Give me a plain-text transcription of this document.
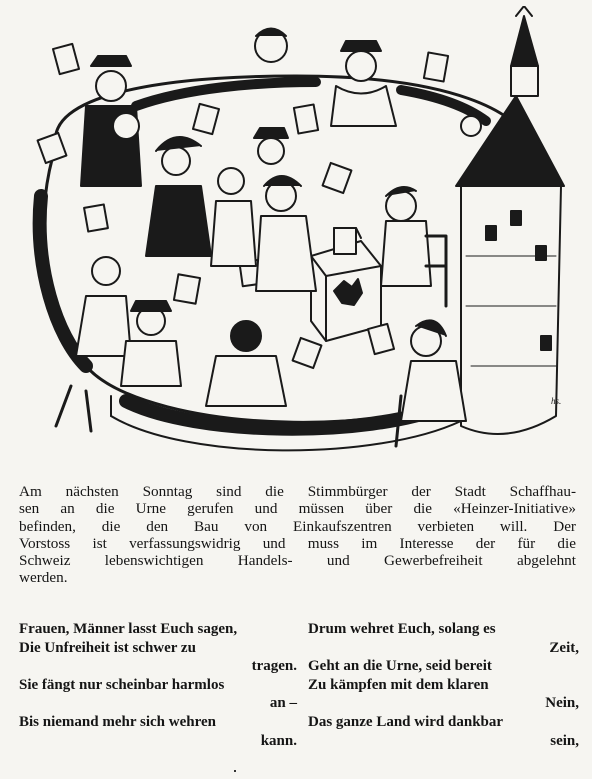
hs.
Am nächsten Sonntag sind die Stimmbürger der Stadt Schaffhau-
sen an die Urne gerufen und müssen über die «Heinzer-Initiative»
befinden, die den Bau von Einkaufszentren verbieten will. Der
Vorstoss ist verfassungswidrig und muss im Interesse der für die
Schweiz lebenswichtigen Handels- und Gewerbefreiheit abgelehnt
werden.
Frauen, Männer lasst Euch sagen,
Die Unfreiheit ist schwer zu
tragen.
Sie fängt nur scheinbar harmlos
an –
Bis niemand mehr sich wehren
kann.
Drum wehret Euch, solang es
Zeit,
Geht an die Urne, seid bereit
Zu kämpfen mit dem klaren
Nein,
Das ganze Land wird dankbar
sein,
